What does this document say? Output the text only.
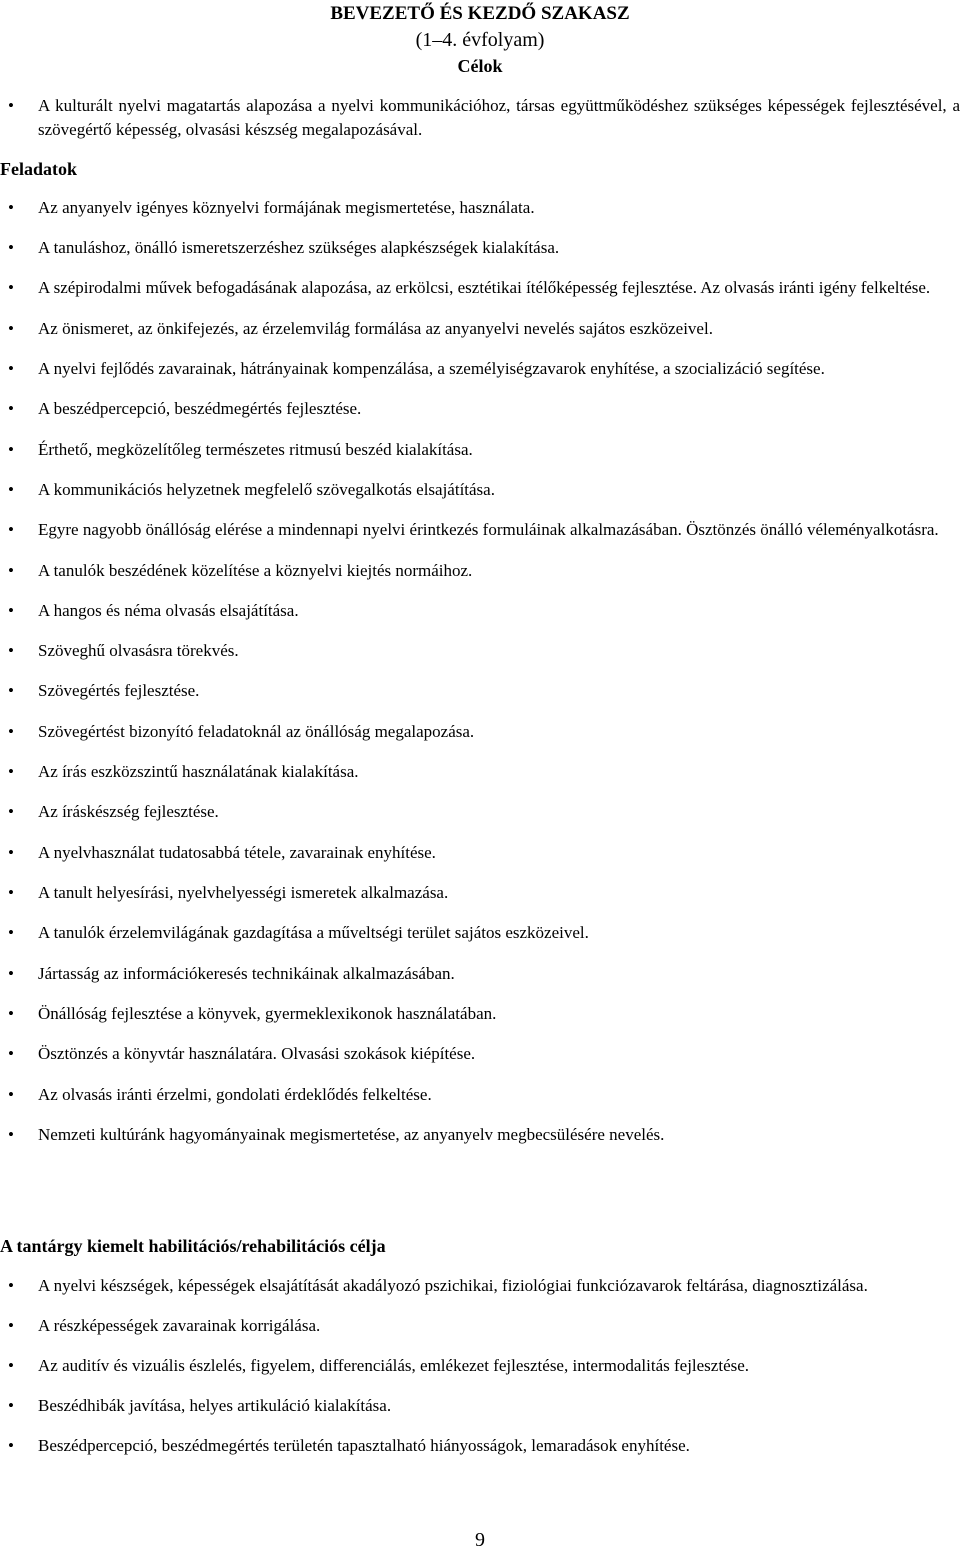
BEVEZETŐ ÉS KEZDŐ SZAKASZ
(1–4. évfolyam)
Célok
• A kulturált nyelvi magatartás alapozása a nyelvi kommunikációhoz, társas együttműködéshez szükséges képességek fejlesztésével, a szövegértő képesség, olvasási készség megalapozásával.
Feladatok
• Az anyanyelv igényes köznyelvi formájának megismertetése, használata.
• A tanuláshoz, önálló ismeretszerzéshez szükséges alapkészségek kialakítása.
• A szépirodalmi művek befogadásának alapozása, az erkölcsi, esztétikai ítélőképesség fejlesztése. Az olvasás iránti igény felkeltése.
• Az önismeret, az önkifejezés, az érzelemvilág formálása az anyanyelvi nevelés sajátos eszközeivel.
• A nyelvi fejlődés zavarainak, hátrányainak kompenzálása, a személyiségzavarok enyhítése, a szocializáció segítése.
• A beszédpercepció, beszédmegértés fejlesztése.
• Érthető, megközelítőleg természetes ritmusú beszéd kialakítása.
• A kommunikációs helyzetnek megfelelő szövegalkotás elsajátítása.
• Egyre nagyobb önállóság elérése a mindennapi nyelvi érintkezés formuláinak alkalmazásában. Ösztönzés önálló véleményalkotásra.
• A tanulók beszédének közelítése a köznyelvi kiejtés normáihoz.
• A hangos és néma olvasás elsajátítása.
• Szöveghű olvasásra törekvés.
• Szövegértés fejlesztése.
• Szövegértést bizonyító feladatoknál az önállóság megalapozása.
• Az írás eszközszintű használatának kialakítása.
• Az íráskészség fejlesztése.
• A nyelvhasználat tudatosabbá tétele, zavarainak enyhítése.
• A tanult helyesírási, nyelvhelyességi ismeretek alkalmazása.
• A tanulók érzelemvilágának gazdagítása a műveltségi terület sajátos eszközeivel.
• Jártasság az információkeresés technikáinak alkalmazásában.
• Önállóság fejlesztése a könyvek, gyermeklexikonok használatában.
• Ösztönzés a könyvtár használatára. Olvasási szokások kiépítése.
• Az olvasás iránti érzelmi, gondolati érdeklődés felkeltése.
• Nemzeti kultúránk hagyományainak megismertetése, az anyanyelv megbecsülésére nevelés.
A tantárgy kiemelt habilitációs/rehabilitációs célja
• A nyelvi készségek, képességek elsajátítását akadályozó pszichikai, fiziológiai funkciózavarok feltárása, diagnosztizálása.
• A részképességek zavarainak korrigálása.
• Az auditív és vizuális észlelés, figyelem, differenciálás, emlékezet fejlesztése, intermodalitás fejlesztése.
• Beszédhibák javítása, helyes artikuláció kialakítása.
• Beszédpercepció, beszédmegértés területén tapasztalható hiányosságok, lemaradások enyhítése.
9
